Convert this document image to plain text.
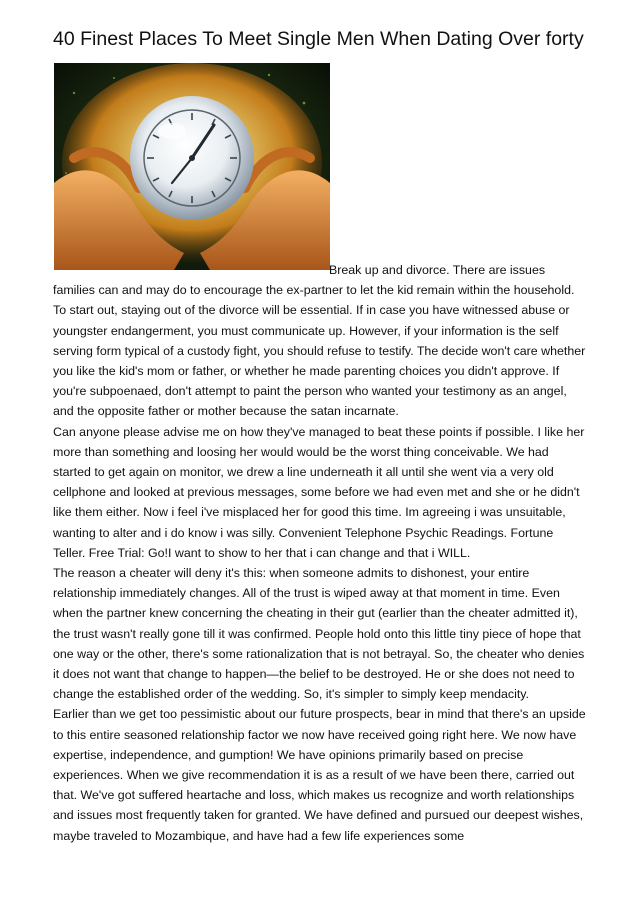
40 Finest Places To Meet Single Men When Dating Over forty

Break up and divorce. There are issues families can and may do to encourage the ex-partner to let the kid remain within the household. To start out, staying out of the divorce will be essential. If in case you have witnessed abuse or youngster endangerment, you must communicate up. However, if your information is the self serving form typical of a custody fight, you should refuse to testify. The decide won't care whether you like the kid's mom or father, or whether he made parenting choices you didn't approve. If you're subpoenaed, don't attempt to paint the person who wanted your testimony as an angel, and the opposite father or mother because the satan incarnate.

Can anyone please advise me on how they've managed to beat these points if possible. I like her more than something and loosing her would would be the worst thing conceivable. We had started to get again on monitor, we drew a line underneath it all until she went via a very old cellphone and looked at previous messages, some before we had even met and she or he didn't like them either. Now i feel i've misplaced her for good this time. Im agreeing i was unsuitable, wanting to alter and i do know i was silly. Convenient Telephone Psychic Readings. Fortune Teller. Free Trial: Go!I want to show to her that i can change and that i WILL.

The reason a cheater will deny it's this: when someone admits to dishonest, your entire relationship immediately changes. All of the trust is wiped away at that moment in time. Even when the partner knew concerning the cheating in their gut (earlier than the cheater admitted it), the trust wasn't really gone till it was confirmed. People hold onto this little tiny piece of hope that one way or the other, there's some rationalization that is not betrayal. So, the cheater who denies it does not want that change to happen—the belief to be destroyed. He or she does not need to change the established order of the wedding. So, it's simpler to simply keep mendacity.

Earlier than we get too pessimistic about our future prospects, bear in mind that there's an upside to this entire seasoned relationship factor we now have received going right here. We now have expertise, independence, and gumption! We have opinions primarily based on precise experiences. When we give recommendation it is as a result of we have been there, carried out that. We've got suffered heartache and loss, which makes us recognize and worth relationships and issues most frequently taken for granted. We have defined and pursued our deepest wishes, maybe traveled to Mozambique, and have had a few life experiences some
